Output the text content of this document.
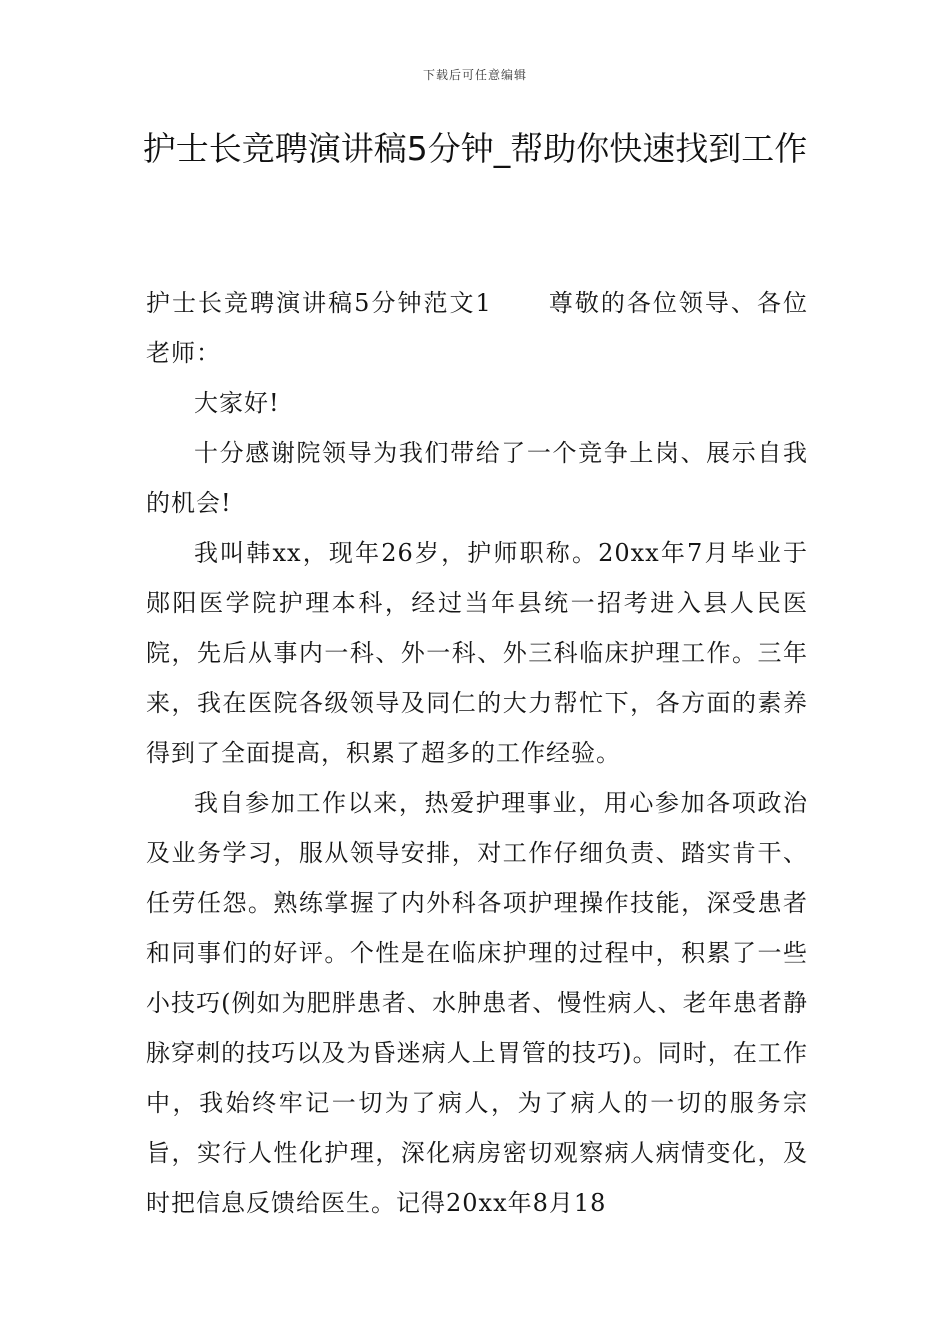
下载后可任意编辑
护士长竞聘演讲稿5分钟_帮助你快速找到工作

护士长竞聘演讲稿5分钟范文1 尊敬的各位领导、各位老师：

大家好!

十分感谢院领导为我们带给了一个竞争上岗、展示自我的机会!

我叫韩xx，现年26岁，护师职称。20xx年7月毕业于郧阳医学院护理本科，经过当年县统一招考进入县人民医院，先后从事内一科、外一科、外三科临床护理工作。三年来，我在医院各级领导及同仁的大力帮忙下，各方面的素养得到了全面提高，积累了超多的工作经验。

我自参加工作以来，热爱护理事业，用心参加各项政治及业务学习，服从领导安排，对工作仔细负责、踏实肯干、任劳任怨。熟练掌握了内外科各项护理操作技能，深受患者和同事们的好评。个性是在临床护理的过程中，积累了一些小技巧(例如为肥胖患者、水肿患者、慢性病人、老年患者静脉穿刺的技巧以及为昏迷病人上胃管的技巧)。同时，在工作中，我始终牢记一切为了病人，为了病人的一切的服务宗旨，实行人性化护理，深化病房密切观察病人病情变化，及时把信息反馈给医生。记得20xx年8月18
